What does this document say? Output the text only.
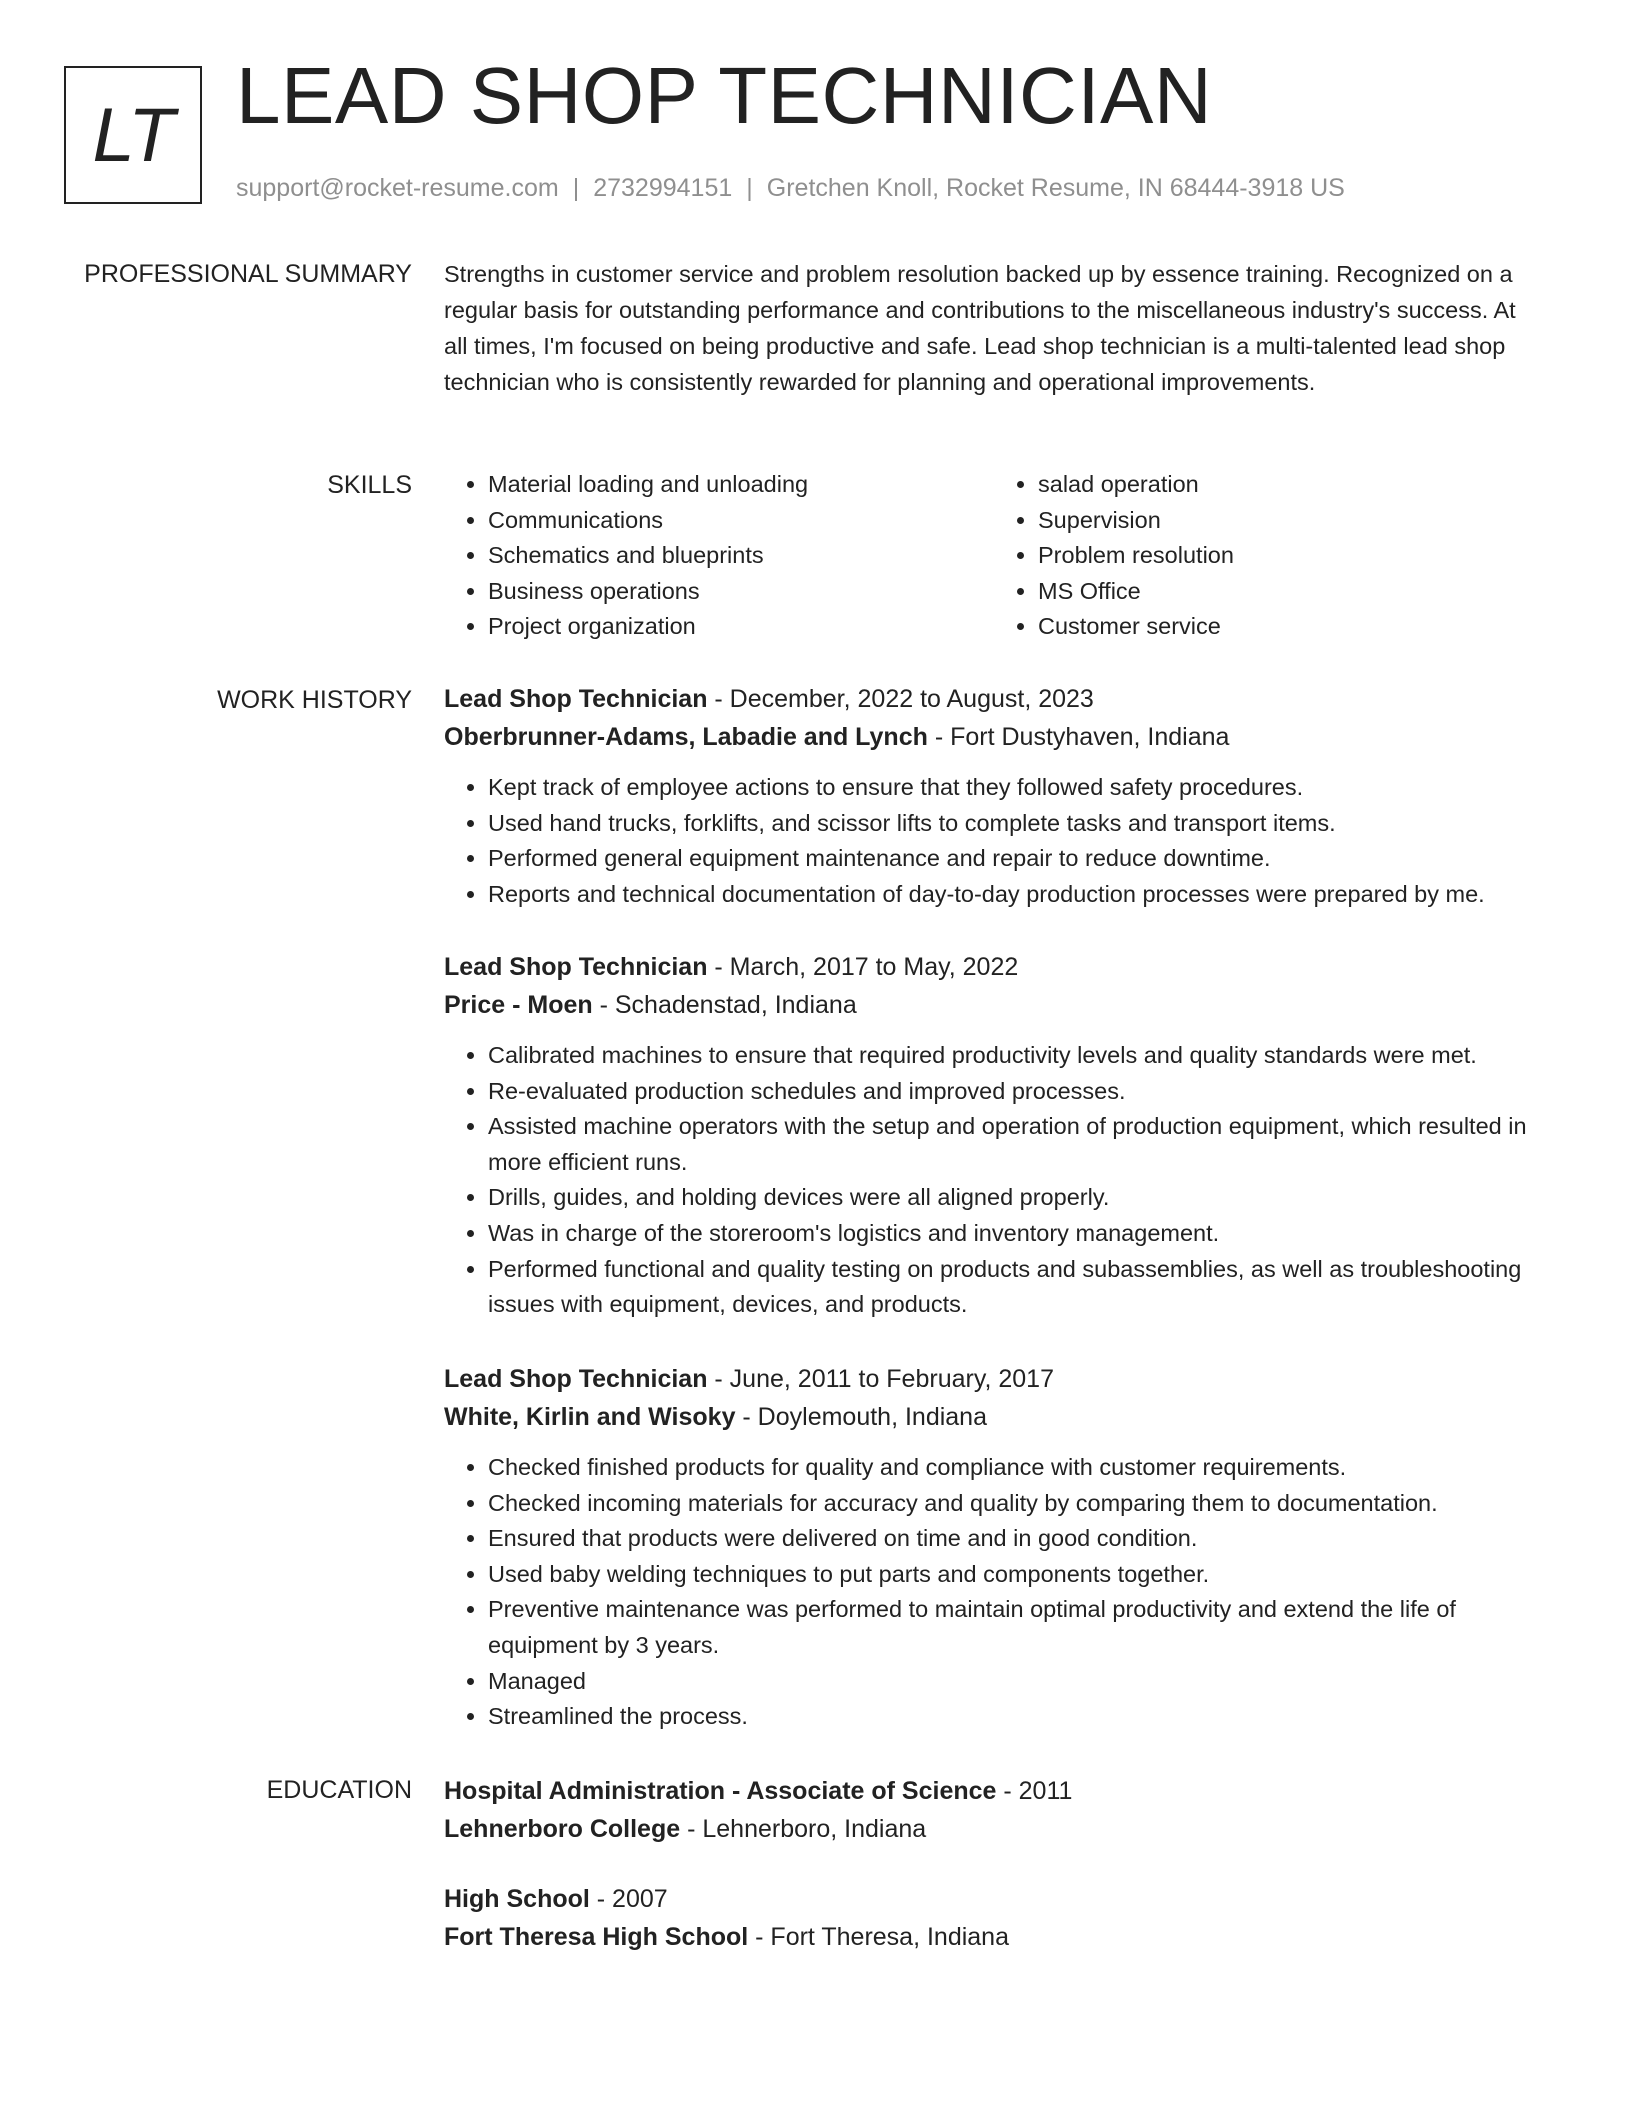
LT LEAD SHOP TECHNICIAN
support@rocket-resume.com | 2732994151 | Gretchen Knoll, Rocket Resume, IN 68444-3918 US
PROFESSIONAL SUMMARY Strengths in customer service and problem resolution backed up by essence training. Recognized on a regular basis for outstanding performance and contributions to the miscellaneous industry's success. At all times, I'm focused on being productive and safe. Lead shop technician is a multi-talented lead shop technician who is consistently rewarded for planning and operational improvements.

SKILLS
•	Material loading and unloading
• Communications
• Schematics and blueprints
• Business operations
• Project organization
• salad operation
• Supervision
• Problem resolution
• MS Office
• Customer service
WORK HISTORY Lead Shop Technician - December, 2022 to August, 2023

Oberbrunner-Adams, Labadie and Lynch - Fort Dustyhaven, Indiana

• Kept track of employee actions to ensure that they followed safety procedures.
• Used hand trucks, forklifts, and scissor lifts to complete tasks and transport items.
• Performed general equipment maintenance and repair to reduce downtime.
• Reports and technical documentation of day-to-day production processes were prepared by me.

Lead Shop Technician - March, 2017 to May, 2022

Price - Moen - Schadenstad, Indiana

• Calibrated machines to ensure that required productivity levels and quality standards were met.
• Re-evaluated production schedules and improved processes.
• Assisted machine operators with the setup and operation of production equipment, which resulted in more efficient runs.
• Drills, guides, and holding devices were all aligned properly.
• Was in charge of the storeroom's logistics and inventory management.
• Performed functional and quality testing on products and subassemblies, as well as troubleshooting issues with equipment, devices, and products.

Lead Shop Technician - June, 2011 to February, 2017

White, Kirlin and Wisoky - Doylemouth, Indiana

• Checked finished products for quality and compliance with customer requirements.
• Checked incoming materials for accuracy and quality by comparing them to documentation.
• Ensured that products were delivered on time and in good condition.
• Used baby welding techniques to put parts and components together.
• Preventive maintenance was performed to maintain optimal productivity and extend the life of equipment by 3 years.
• Managed
• Streamlined the process.
EDUCATION Hospital Administration - Associate of Science - 2011

Lehnerboro College - Lehnerboro, Indiana

High School - 2007

Fort Theresa High School - Fort Theresa, Indiana
